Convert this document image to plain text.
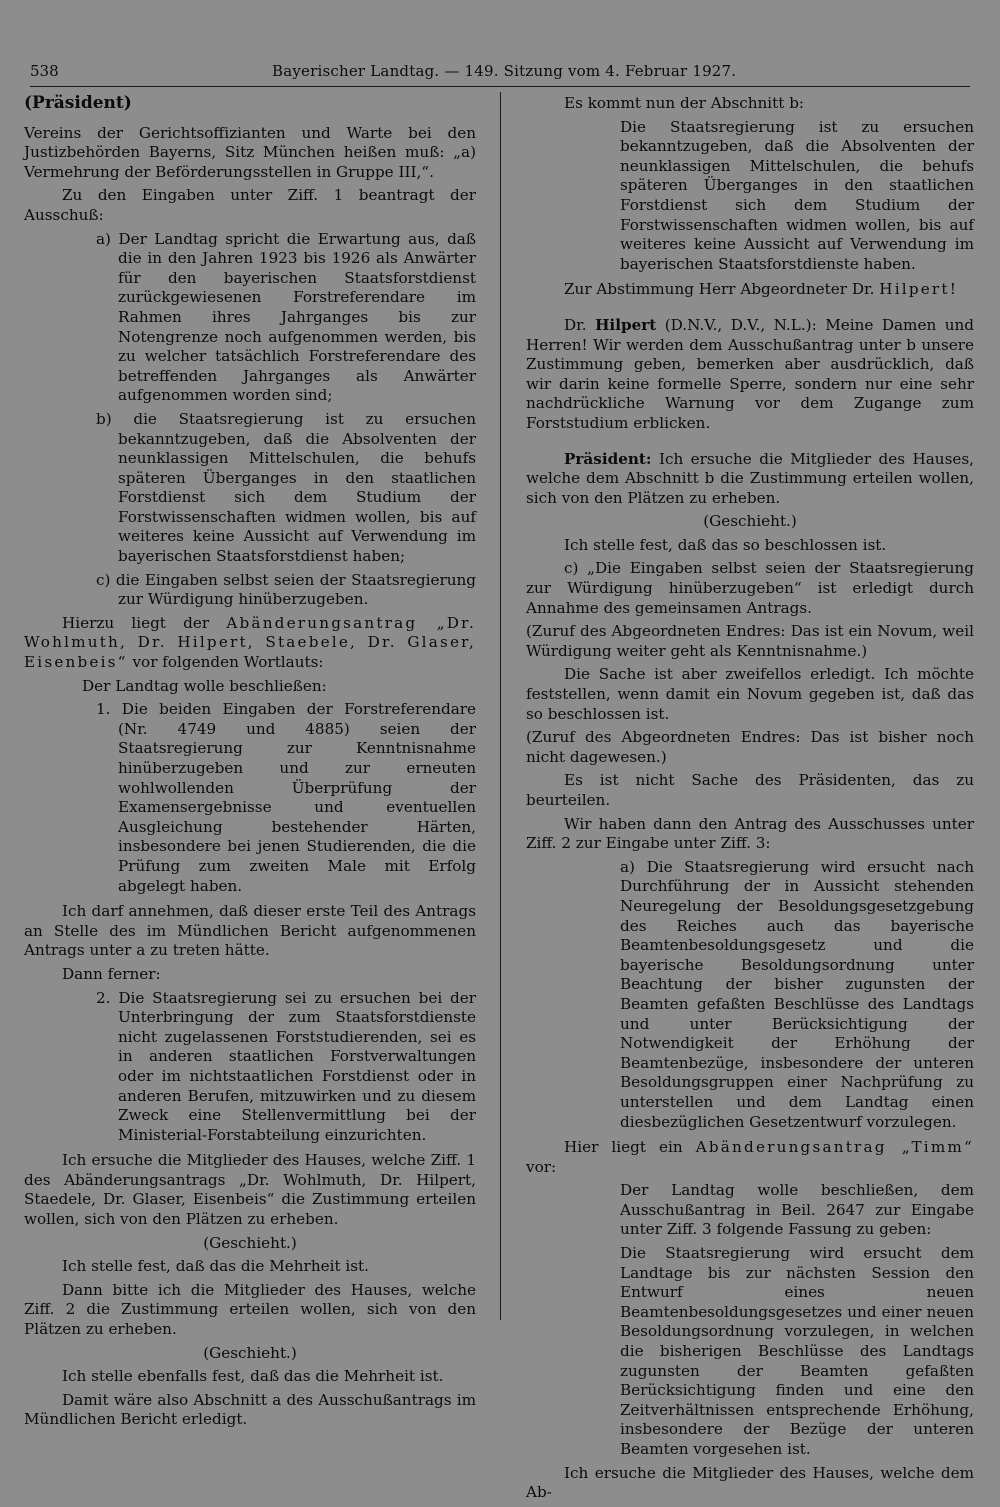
538	Bayerischer Landtag. — 149. Sitzung vom 4. Februar 1927.

(Präsident)

Vereins der Gerichtsoffizianten und Warte bei den Justizbehörden Bayerns, Sitz München heißen muß: „a) Vermehrung der Beförderungsstellen in Gruppe III,“.

Zu den Eingaben unter Ziff. 1 beantragt der Ausschuß:

a) Der Landtag spricht die Erwartung aus, daß die in den Jahren 1923 bis 1926 als Anwärter für den bayerischen Staatsforstdienst zurückgewiesenen Forstreferendare im Rahmen ihres Jahrganges bis zur Notengrenze noch aufgenommen werden, bis zu welcher tatsächlich Forstreferendare des betreffenden Jahrganges als Anwärter aufgenommen worden sind;

b) die Staatsregierung ist zu ersuchen bekanntzugeben, daß die Absolventen der neunklassigen Mittelschulen, die behufs späteren Überganges in den staatlichen Forstdienst sich dem Studium der Forstwissenschaften widmen wollen, bis auf weiteres keine Aussicht auf Verwendung im bayerischen Staatsforstdienst haben;

c) die Eingaben selbst seien der Staatsregierung zur Würdigung hinüberzugeben.

Hierzu liegt der Abänderungsantrag „Dr. Wohlmuth, Dr. Hilpert, Staebele, Dr. Glaser, Eisenbeis“ vor folgenden Wortlauts:

Der Landtag wolle beschließen:

1. Die beiden Eingaben der Forstreferendare (Nr. 4749 und 4885) seien der Staatsregierung zur Kenntnisnahme hinüberzugeben und zur erneuten wohlwollenden Überprüfung der Examensergebnisse und eventuellen Ausgleichung bestehender Härten, insbesondere bei jenen Studierenden, die die Prüfung zum zweiten Male mit Erfolg abgelegt haben.

Ich darf annehmen, daß dieser erste Teil des Antrags an Stelle des im Mündlichen Bericht aufgenommenen Antrags unter a zu treten hätte.

Dann ferner:

2. Die Staatsregierung sei zu ersuchen bei der Unterbringung der zum Staatsforstdienste nicht zugelassenen Forststudierenden, sei es in anderen staatlichen Forstverwaltungen oder im nichtstaatlichen Forstdienst oder in anderen Berufen, mitzuwirken und zu diesem Zweck eine Stellenvermittlung bei der Ministerial-Forstabteilung einzurichten.

Ich ersuche die Mitglieder des Hauses, welche Ziff. 1 des Abänderungsantrags „Dr. Wohlmuth, Dr. Hilpert, Staedele, Dr. Glaser, Eisenbeis“ die Zustimmung erteilen wollen, sich von den Plätzen zu erheben.

(Geschieht.)

Ich stelle fest, daß das die Mehrheit ist.

Dann bitte ich die Mitglieder des Hauses, welche Ziff. 2 die Zustimmung erteilen wollen, sich von den Plätzen zu erheben.

(Geschieht.)

Ich stelle ebenfalls fest, daß das die Mehrheit ist.

Damit wäre also Abschnitt a des Ausschußantrags im Mündlichen Bericht erledigt.

Es kommt nun der Abschnitt b:

Die Staatsregierung ist zu ersuchen bekanntzugeben, daß die Absolventen der neunklassigen Mittelschulen, die behufs späteren Überganges in den staatlichen Forstdienst sich dem Studium der Forstwissenschaften widmen wollen, bis auf weiteres keine Aussicht auf Verwendung im bayerischen Staatsforstdienste haben.

Zur Abstimmung Herr Abgeordneter Dr. Hilpert!

Dr. Hilpert (D.N.V., D.V., N.L.): Meine Damen und Herren! Wir werden dem Ausschußantrag unter b unsere Zustimmung geben, bemerken aber ausdrücklich, daß wir darin keine formelle Sperre, sondern nur eine sehr nachdrückliche Warnung vor dem Zugange zum Forststudium erblicken.

Präsident: Ich ersuche die Mitglieder des Hauses, welche dem Abschnitt b die Zustimmung erteilen wollen, sich von den Plätzen zu erheben.

(Geschieht.)

Ich stelle fest, daß das so beschlossen ist.

c) „Die Eingaben selbst seien der Staatsregierung zur Würdigung hinüberzugeben“ ist erledigt durch Annahme des gemeinsamen Antrags.

(Zuruf des Abgeordneten Endres: Das ist ein Novum, weil Würdigung weiter geht als Kenntnisnahme.)

Die Sache ist aber zweifellos erledigt. Ich möchte feststellen, wenn damit ein Novum gegeben ist, daß das so beschlossen ist.

(Zuruf des Abgeordneten Endres: Das ist bisher noch nicht dagewesen.)

Es ist nicht Sache des Präsidenten, das zu beurteilen.

Wir haben dann den Antrag des Ausschusses unter Ziff. 2 zur Eingabe unter Ziff. 3:

a) Die Staatsregierung wird ersucht nach Durchführung der in Aussicht stehenden Neuregelung der Besoldungsgesetzgebung des Reiches auch das bayerische Beamtenbesoldungsgesetz und die bayerische Besoldungsordnung unter Beachtung der bisher zugunsten der Beamten gefaßten Beschlüsse des Landtags und unter Berücksichtigung der Notwendigkeit der Erhöhung der Beamtenbezüge, insbesondere der unteren Besoldungsgruppen einer Nachprüfung zu unterstellen und dem Landtag einen diesbezüglichen Gesetzentwurf vorzulegen.

Hier liegt ein Abänderungsantrag „Timm“ vor:

Der Landtag wolle beschließen, dem Ausschußantrag in Beil. 2647 zur Eingabe unter Ziff. 3 folgende Fassung zu geben:

Die Staatsregierung wird ersucht dem Landtage bis zur nächsten Session den Entwurf eines neuen Beamtenbesoldungsgesetzes und einer neuen Besoldungsordnung vorzulegen, in welchen die bisherigen Beschlüsse des Landtags zugunsten der Beamten gefaßten Berücksichtigung finden und eine den Zeitverhältnissen entsprechende Erhöhung, insbesondere der Bezüge der unteren Beamten vorgesehen ist.

Ich ersuche die Mitglieder des Hauses, welche dem Ab-
